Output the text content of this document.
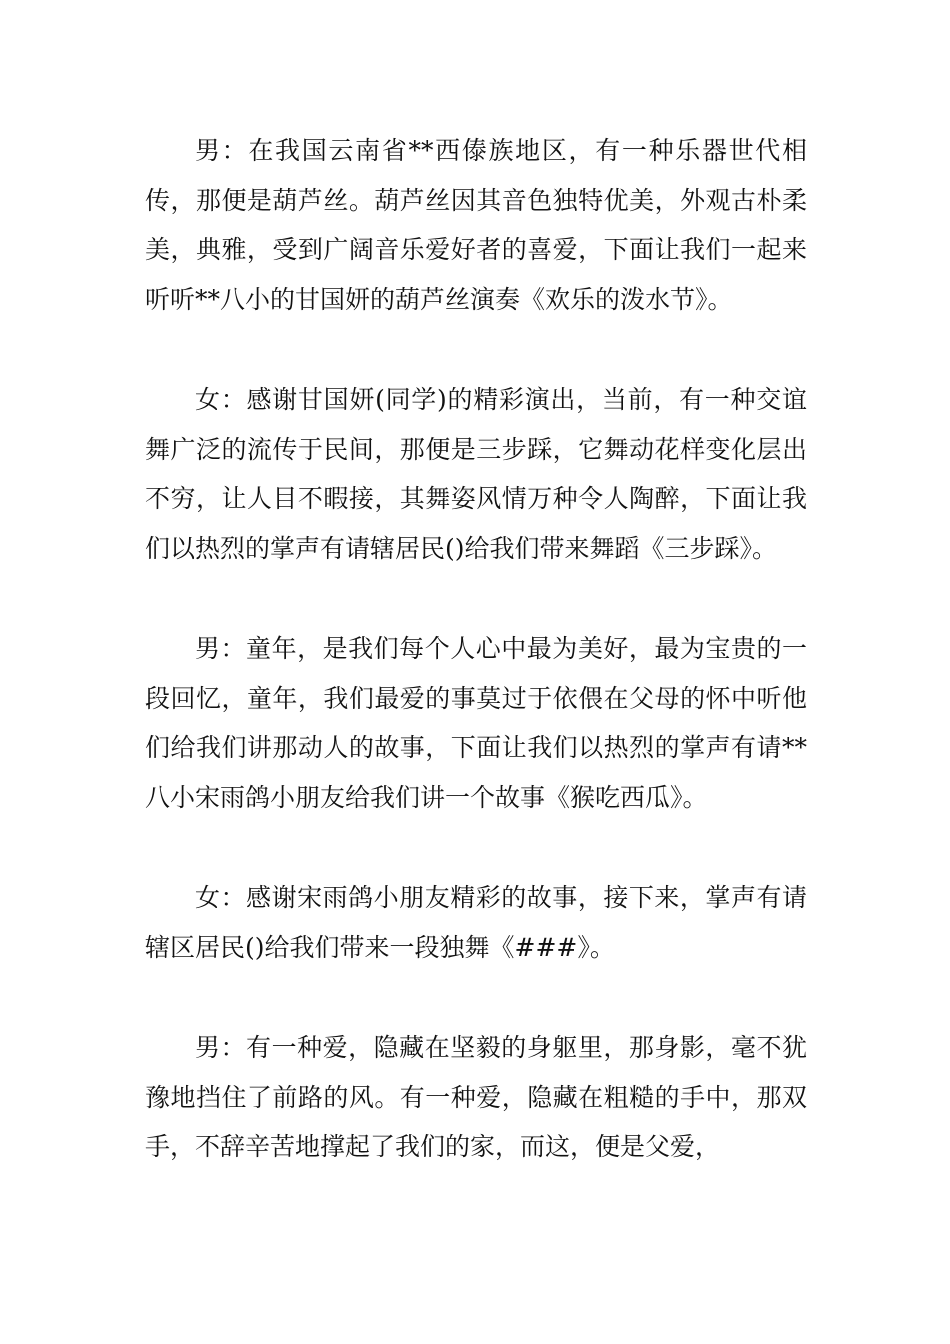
男：在我国云南省**西傣族地区，有一种乐器世代相传，那便是葫芦丝。葫芦丝因其音色独特优美，外观古朴柔美，典雅，受到广阔音乐爱好者的喜爱，下面让我们一起来听听**八小的甘国妍的葫芦丝演奏《欢乐的泼水节》。

女：感谢甘国妍(同学)的精彩演出，当前，有一种交谊舞广泛的流传于民间，那便是三步踩，它舞动花样变化层出不穷，让人目不暇接，其舞姿风情万种令人陶醉，下面让我们以热烈的掌声有请辖居民()给我们带来舞蹈《三步踩》。

男：童年，是我们每个人心中最为美好，最为宝贵的一段回忆，童年，我们最爱的事莫过于依偎在父母的怀中听他们给我们讲那动人的故事，下面让我们以热烈的掌声有请**八小宋雨鸽小朋友给我们讲一个故事《猴吃西瓜》。

女：感谢宋雨鸽小朋友精彩的故事，接下来，掌声有请辖区居民()给我们带来一段独舞《###》。

男：有一种爱，隐藏在坚毅的身躯里，那身影，毫不犹豫地挡住了前路的风。有一种爱，隐藏在粗糙的手中，那双手，不辞辛苦地撑起了我们的家，而这，便是父爱，
